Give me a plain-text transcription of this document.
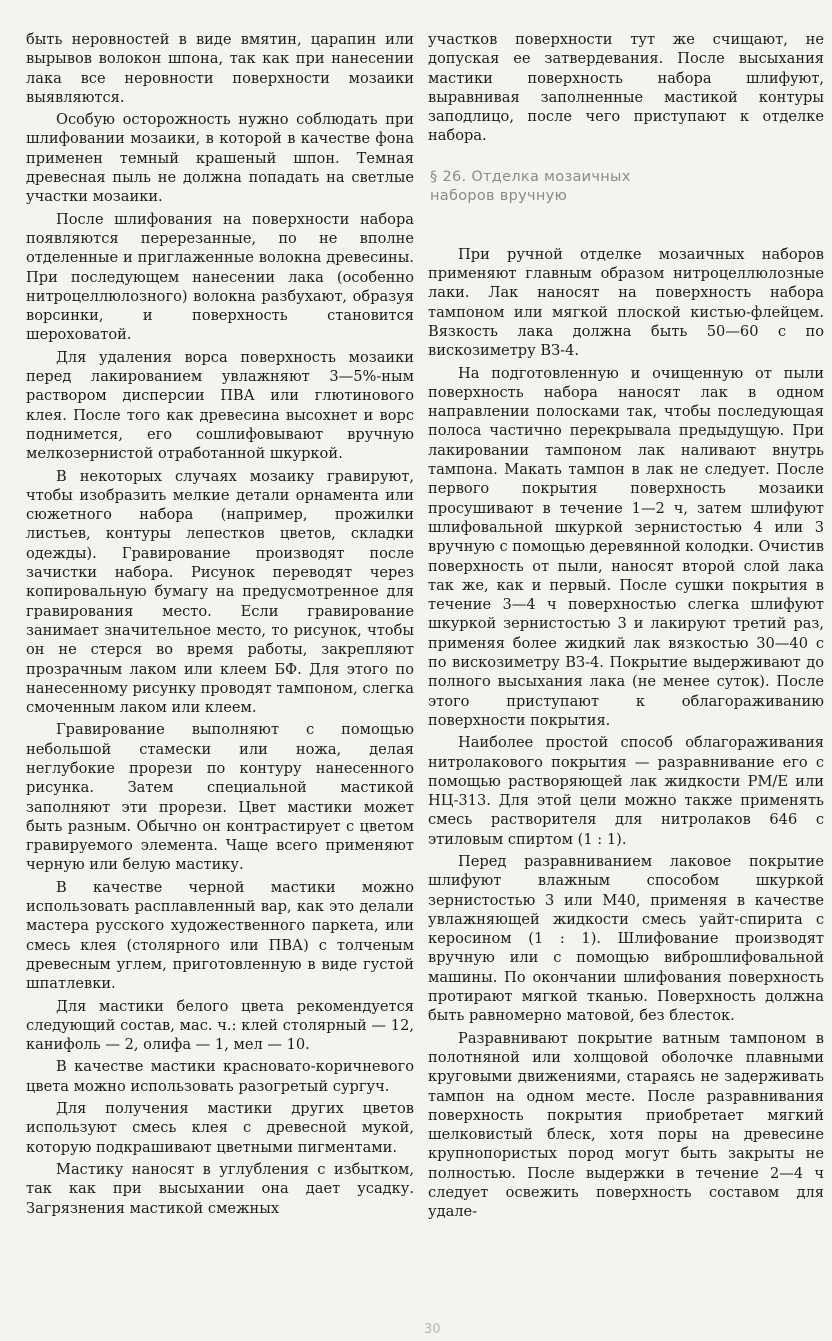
быть неровностей в виде вмятин, царапин или вырывов волокон шпона, так как при нанесении лака все неровности поверхности мозаики выявляются.

Особую осторожность нужно соблюдать при шлифовании мозаики, в которой в качестве фона применен темный крашеный шпон. Темная древесная пыль не должна попадать на светлые участки мозаики.

После шлифования на поверхности набора появляются перерезанные, по не вполне отделенные и приглаженные волокна древесины. При последующем нанесении лака (особенно нитроцеллюлозного) волокна разбухают, образуя ворсинки, и поверхность становится шероховатой.

Для удаления ворса поверхность мозаики перед лакированием увлажняют 3—5%-ным раствором дисперсии ПВА или глютинового клея. После того как древесина высохнет и ворс поднимется, его сошлифовывают вручную мелкозернистой отработанной шкуркой.

В некоторых случаях мозаику гравируют, чтобы изобразить мелкие детали орнамента или сюжетного набора (например, прожилки листьев, контуры лепестков цветов, складки одежды). Гравирование производят после зачистки набора. Рисунок переводят через копировальную бумагу на предусмотренное для гравирования место. Если гравирование занимает значительное место, то рисунок, чтобы он не стерся во время работы, закрепляют прозрачным лаком или клеем БФ. Для этого по нанесенному рисунку проводят тампоном, слегка смоченным лаком или клеем.

Гравирование выполняют с помощью небольшой стамески или ножа, делая неглубокие прорези по контуру нанесенного рисунка. Затем специальной мастикой заполняют эти прорези. Цвет мастики может быть разным. Обычно он контрастирует с цветом гравируемого элемента. Чаще всего применяют черную или белую мастику.

В качестве черной мастики можно использовать расплавленный вар, как это делали мастера русского художественного паркета, или смесь клея (столярного или ПВА) с толченым древесным углем, приготовленную в виде густой шпатлевки.

Для мастики белого цвета рекомендуется следующий состав, мас. ч.: клей столярный — 12, канифоль — 2, олифа — 1, мел — 10.

В качестве мастики красновато-коричневого цвета можно использовать разогретый сургуч.

Для получения мастики других цветов используют смесь клея с древесной мукой, которую подкрашивают цветными пигментами.

Мастику наносят в углубления с избытком, так как при высыхании она дает усадку. Загрязнения мастикой смежных

участков поверхности тут же счищают, не допуская ее затвердевания. После высыхания мастики поверхность набора шлифуют, выравнивая заполненные мастикой контуры заподлицо, после чего приступают к отделке набора.

§ 26. Отделка мозаичных
наборов вручную

При ручной отделке мозаичных наборов применяют главным образом нитроцеллюлозные лаки. Лак наносят на поверхность набора тампоном или мягкой плоской кистью-флейцем. Вязкость лака должна быть 50—60 с по вискозиметру ВЗ-4.

На подготовленную и очищенную от пыли поверхность набора наносят лак в одном направлении полосками так, чтобы последующая полоса частично перекрывала предыдущую. При лакировании тампоном лак наливают внутрь тампона. Макать тампон в лак не следует. После первого покрытия поверхность мозаики просушивают в течение 1—2 ч, затем шлифуют шлифовальной шкуркой зернистостью 4 или 3 вручную с помощью деревянной колодки. Очистив поверхность от пыли, наносят второй слой лака так же, как и первый. После сушки покрытия в течение 3—4 ч поверхностью слегка шлифуют шкуркой зернистостью 3 и лакируют третий раз, применяя более жидкий лак вязкостью 30—40 с по вискозиметру ВЗ-4. Покрытие выдерживают до полного высыхания лака (не менее суток). После этого приступают к облагораживанию поверхности покрытия.

Наиболее простой способ облагораживания нитролакового покрытия — разравнивание его с помощью растворяющей лак жидкости РМ/Е или НЦ-313. Для этой цели можно также применять смесь растворителя для нитролаков 646 с этиловым спиртом (1 : 1).

Перед разравниванием лаковое покрытие шлифуют влажным способом шкуркой зернистостью 3 или М40, применяя в качестве увлажняющей жидкости смесь уайт-спирита с керосином (1 : 1). Шлифование производят вручную или с помощью виброшлифовальной машины. По окончании шлифования поверхность протирают мягкой тканью. Поверхность должна быть равномерно матовой, без блесток.

Разравнивают покрытие ватным тампоном в полотняной или холщовой оболочке плавными круговыми движениями, стараясь не задерживать тампон на одном месте. После разравнивания поверхность покрытия приобретает мягкий шелковистый блеск, хотя поры на древесине крупнопористых пород могут быть закрыты не полностью. После выдержки в течение 2—4 ч следует освежить поверхность составом для удале-

30
